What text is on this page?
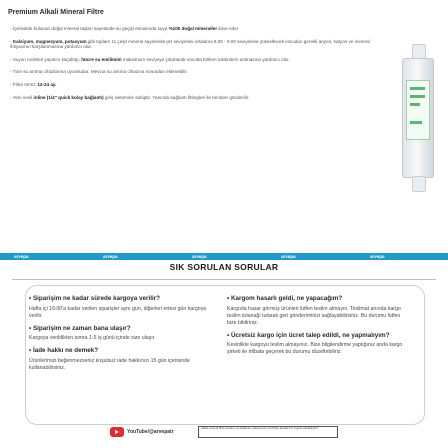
Premium Alkali Mineral Filtre
- İçerisinde bulunan doğal mineral taşları sayesinde su geçişi esnasında suya %100 doğal mineraller ilave eder
- Kalsiyum, magnezyum, potasyum gibi toplam 11 çeşit mineral sayesinde pH seviyesini ortalama 8,00 - 9,00 seviyesine yükseltecek vücudun gerekli anyon, katyon ve mineral ihtiyacının karşılanmasına yardımcı olur.
- Suyun molekül yapısını küçültüp, hücre su emilimini maksimum seviyeye çıkartarak vücutta biriken toksinlerin atılmasına yardımcı olur.
- Tüm su arıtma cihazlarına uyumludur. Mevcut su arıtma cihazına sonradan eklenebilir.
- Filtre ömrü: 12-24 ay.
- Yeni nesil inline (1/4" quick kolay bağlantı) giriş sistemine sahiptir. Yanında bağlantı fittingleri ile beraber gönderilir.
arvepa	arvepa	arvepa	arvepa	arvepa
SIK SORULAN SORULAR

• Siparişim ne kadar sürede kargoya verilir?

Hafta içi 16:00'a kadar verilen siparişler aynı gün, diğerleri ertesi gün kargoya verilir.

• Siparişim ne zaman bana ulaşır?

Kargoya verildikten sonra 1-5 iş günü içinde size ulaşır.

• İade hakkı ne demek?

Ürünlerimizi beğenmezseniz koşulsuz iade hakkınızı 15 gün içerisinde kullanabilirsiniz.

• Kargom hasarlı geldi, ne yapacağım?

Kargoda hasar görmüş ürünleri lütfen teslim almayın. Teslimat anında kargo teslim tutanağı tutarak geri gönderiminizi sağlayabilirsiniz. Bu durumu lütfen bize bildiriniz.

• Ücretsiz kargo için ücret talep edildi, ne yapmalıyım?

Kesinlikle kargoyu teslim almayınız. Bize bilgilendirme yaptığınız anda kargo şirketi ile irtibata geçerek bu durumu düzeltebiliriz.

YouTube/@arvepatr
Alkali mineral filtre kurulum ve kullanım videosu için YouTube kanalımızı ziyaret edebilirsiniz
